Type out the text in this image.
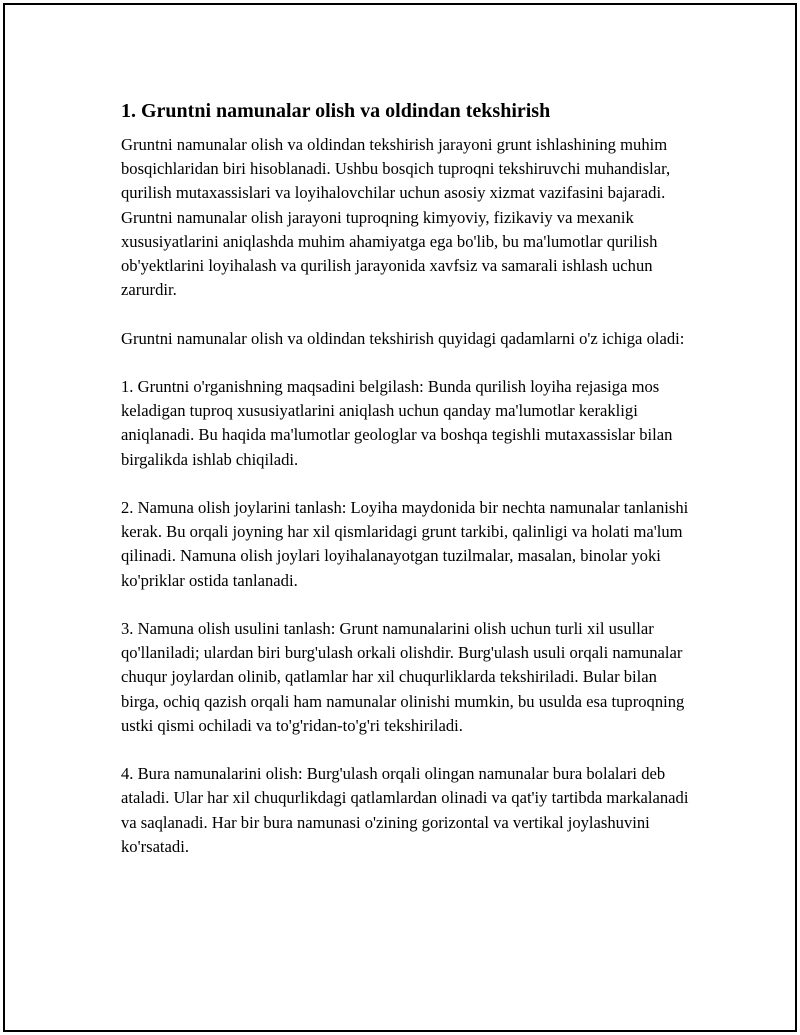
1. Gruntni namunalar olish va oldindan tekshirish

Gruntni namunalar olish va oldindan tekshirish jarayoni grunt ishlashining muhim bosqichlaridan biri hisoblanadi. Ushbu bosqich tuproqni tekshiruvchi muhandislar, qurilish mutaxassislari va loyihalovchilar uchun asosiy xizmat vazifasini bajaradi. Gruntni namunalar olish jarayoni tuproqning kimyoviy, fizikaviy va mexanik xususiyatlarini aniqlashda muhim ahamiyatga ega bo'lib, bu ma'lumotlar qurilish ob'yektlarini loyihalash va qurilish jarayonida xavfsiz va samarali ishlash uchun zarurdir.

Gruntni namunalar olish va oldindan tekshirish quyidagi qadamlarni o'z ichiga oladi:

1. Gruntni o'rganishning maqsadini belgilash: Bunda qurilish loyiha rejasiga mos keladigan tuproq xususiyatlarini aniqlash uchun qanday ma'lumotlar kerakligi aniqlanadi. Bu haqida ma'lumotlar geologlar va boshqa tegishli mutaxassislar bilan birgalikda ishlab chiqiladi.

2. Namuna olish joylarini tanlash: Loyiha maydonida bir nechta namunalar tanlanishi kerak. Bu orqali joyning har xil qismlaridagi grunt tarkibi, qalinligi va holati ma'lum qilinadi. Namuna olish joylari loyihalanayotgan tuzilmalar, masalan, binolar yoki ko'priklar ostida tanlanadi.

3. Namuna olish usulini tanlash: Grunt namunalarini olish uchun turli xil usullar qo'llaniladi; ulardan biri burg'ulash orkali olishdir. Burg'ulash usuli orqali namunalar chuqur joylardan olinib, qatlamlar har xil chuqurliklarda tekshiriladi. Bular bilan birga, ochiq qazish orqali ham namunalar olinishi mumkin, bu usulda esa tuproqning ustki qismi ochiladi va to'g'ridan-to'g'ri tekshiriladi.

4. Bura namunalarini olish: Burg'ulash orqali olingan namunalar bura bolalari deb ataladi. Ular har xil chuqurlikdagi qatlamlardan olinadi va qat'iy tartibda markalanadi va saqlanadi. Har bir bura namunasi o'zining gorizontal va vertikal joylashuvini ko'rsatadi.
